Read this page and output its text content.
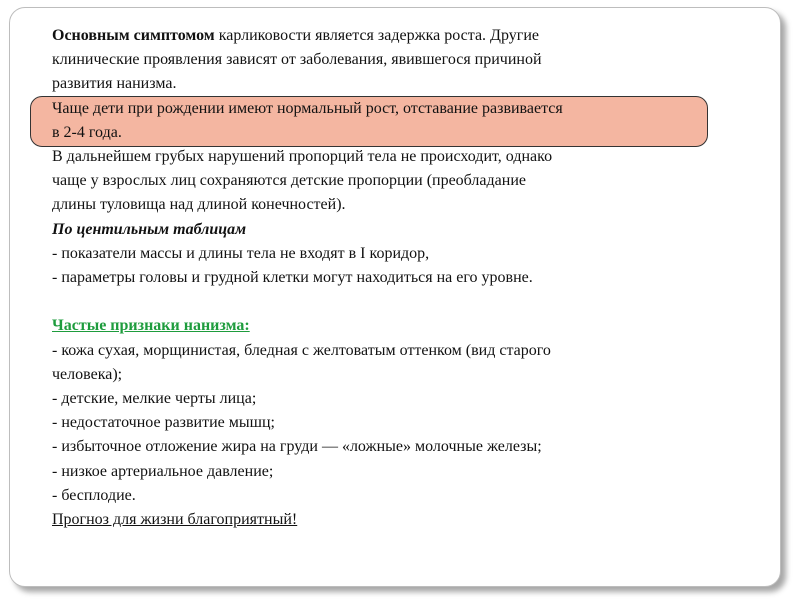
Основным симптомом карликовости является задержка роста. Другие

клинические проявления зависят от заболевания, явившегося причиной

развития нанизма.

Чаще дети при рождении имеют нормальный рост, отставание развивается

в 2-4 года.

В дальнейшем грубых нарушений пропорций тела не происходит, однако

чаще у взрослых лиц сохраняются детские пропорции (преобладание

длины туловища над длиной конечностей).

По центильным таблицам

- показатели массы и длины тела не входят в I коридор,

- параметры головы и грудной клетки могут находиться на его уровне.

Частые признаки нанизма:

- кожа сухая, морщинистая, бледная с желтоватым оттенком (вид старого

человека);

- детские, мелкие черты лица;

- недостаточное развитие мышц;

- избыточное отложение жира на груди — «ложные» молочные железы;

- низкое артериальное давление;

- бесплодие.

Прогноз для жизни благоприятный!
